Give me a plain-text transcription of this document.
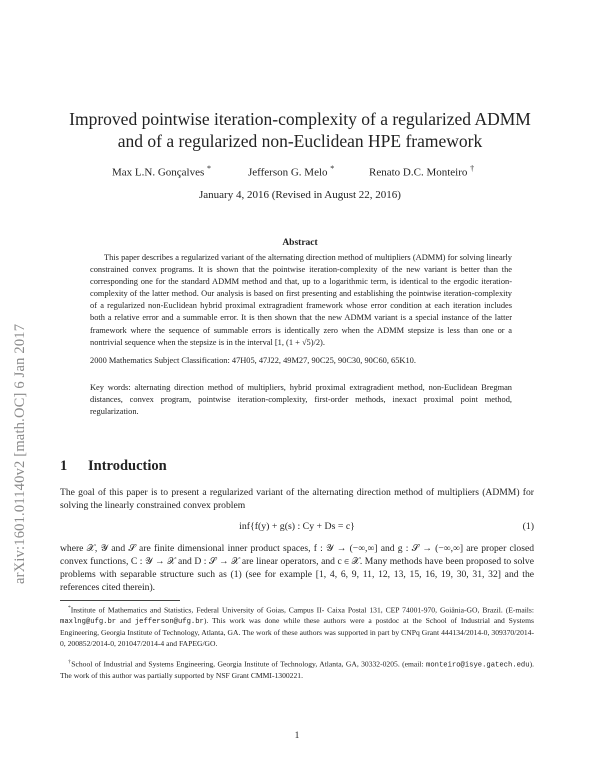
arXiv:1601.01140v2 [math.OC] 6 Jan 2017
Improved pointwise iteration-complexity of a regularized ADMM
and of a regularized non-Euclidean HPE framework
Max L.N. Gonçalves *	Jefferson G. Melo *	Renato D.C. Monteiro †
January 4, 2016 (Revised in August 22, 2016)
Abstract
This paper describes a regularized variant of the alternating direction method of multipliers (ADMM) for solving linearly constrained convex programs. It is shown that the pointwise iteration-complexity of the new variant is better than the corresponding one for the standard ADMM method and that, up to a logarithmic term, is identical to the ergodic iteration-complexity of the latter method. Our analysis is based on first presenting and establishing the pointwise iteration-complexity of a regularized non-Euclidean hybrid proximal extragradient framework whose error condition at each iteration includes both a relative error and a summable error. It is then shown that the new ADMM variant is a special instance of the latter framework where the sequence of summable errors is identically zero when the ADMM stepsize is less than one or a nontrivial sequence when the stepsize is in the interval [1, (1 + √5)/2).
2000 Mathematics Subject Classification: 47H05, 47J22, 49M27, 90C25, 90C30, 90C60, 65K10.
Key words: alternating direction method of multipliers, hybrid proximal extragradient method, non-Euclidean Bregman distances, convex program, pointwise iteration-complexity, first-order methods, inexact proximal point method, regularization.
1 Introduction
The goal of this paper is to present a regularized variant of the alternating direction method of multipliers (ADMM) for solving the linearly constrained convex problem
inf{f(y) + g(s) : Cy + Ds = c}	(1)
where 𝒳, 𝒴 and 𝒮 are finite dimensional inner product spaces, f : 𝒴 → (−∞,∞] and g : 𝒮 → (−∞,∞] are proper closed convex functions, C : 𝒴 → 𝒳 and D : 𝒮 → 𝒳 are linear operators, and c ∈ 𝒳. Many methods have been proposed to solve problems with separable structure such as (1) (see for example [1, 4, 6, 9, 11, 12, 13, 15, 16, 19, 30, 31, 32] and the references cited therein).
*Institute of Mathematics and Statistics, Federal University of Goias, Campus II- Caixa Postal 131, CEP 74001-970, Goiânia-GO, Brazil. (E-mails: maxlng@ufg.br and jefferson@ufg.br). This work was done while these authors were a postdoc at the School of Industrial and Systems Engineering, Georgia Institute of Technology, Atlanta, GA. The work of these authors was supported in part by CNPq Grant 444134/2014-0, 309370/2014-0, 200852/2014-0, 201047/2014-4 and FAPEG/GO.
†School of Industrial and Systems Engineering, Georgia Institute of Technology, Atlanta, GA, 30332-0205. (email: monteiro@isye.gatech.edu). The work of this author was partially supported by NSF Grant CMMI-1300221.
1
